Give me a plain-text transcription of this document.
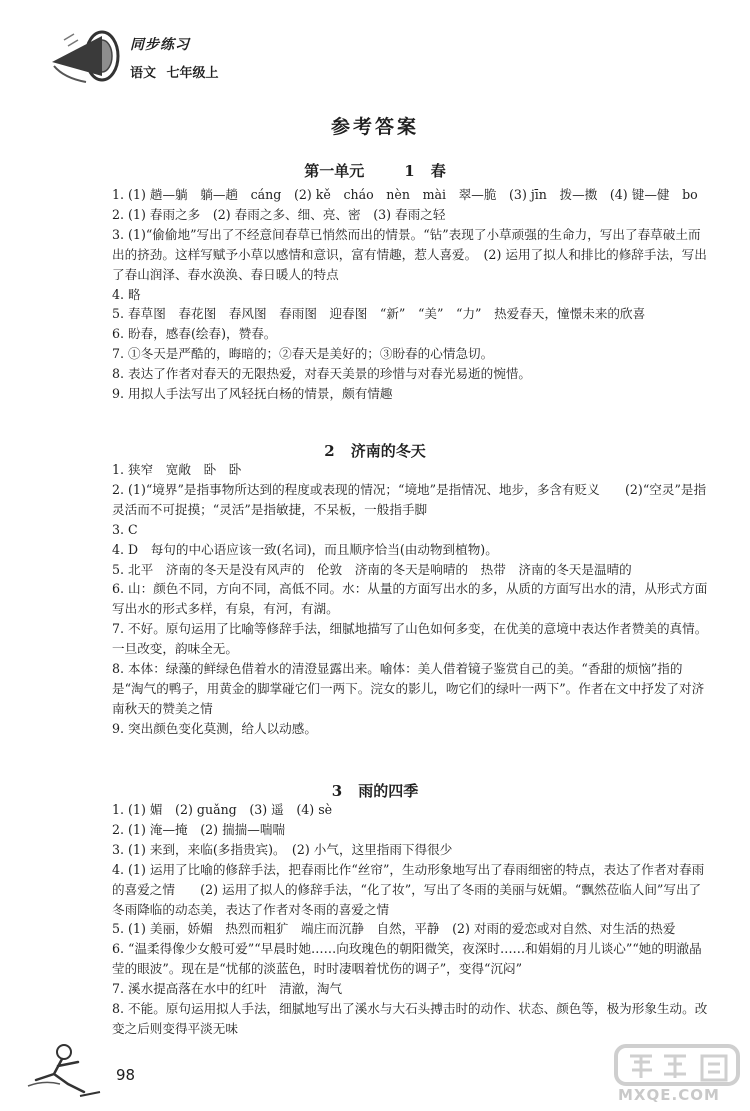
同步练习
语文 七年级上
参考答案
第一单元	1 春
1. (1) 趟—躺　躺—趟　cáng　(2) kě　cháo　nèn　mài　翠—脆　(3) jīn　拨—擞　(4) 键—健　bo
2. (1) 春雨之多　(2) 春雨之多、细、亮、密　(3) 春雨之轻
3. (1)“偷偷地”写出了不经意间春草已悄然而出的情景。“钻”表现了小草顽强的生命力，写出了春草破土而出的挤劲。这样写赋予小草以感情和意识，富有情趣，惹人喜爱。　(2) 运用了拟人和排比的修辞手法，写出了春山润泽、春水涣涣、春日暖人的特点
4. 略
5. 春草图　春花图　春风图　春雨图　迎春图　“新”　“美”　“力”　热爱春天，憧憬未来的欣喜
6. 盼春，感春(绘春)，赞春。
7. ①冬天是严酷的，晦暗的；②春天是美好的；③盼春的心情急切。
8. 表达了作者对春天的无限热爱，对春天美景的珍惜与对春光易逝的惋惜。
9. 用拟人手法写出了风轻抚白杨的情景，颇有情趣
2 济南的冬天
1. 狭窄　宽敞　卧　卧
2. (1)“境界”是指事物所达到的程度或表现的情况；“境地”是指情况、地步，多含有贬义　　(2)“空灵”是指灵活而不可捉摸；“灵活”是指敏捷，不呆板，一般指手脚
3. C
4. D　每句的中心语应该一致(名词)，而且顺序恰当(由动物到植物)。
5. 北平　济南的冬天是没有风声的　伦敦　济南的冬天是响晴的　热带　济南的冬天是温晴的
6. 山：颜色不同，方向不同，高低不同。水：从量的方面写出水的多，从质的方面写出水的清，从形式方面写出水的形式多样，有泉，有河，有湖。
7. 不好。原句运用了比喻等修辞手法，细腻地描写了山色如何多变，在优美的意境中表达作者赞美的真情。一旦改变，韵味全无。
8. 本体：绿藻的鲜绿色借着水的清澄显露出来。喻体：美人借着镜子鉴赏自己的美。“香甜的烦恼”指的是“淘气的鸭子，用黄金的脚掌碰它们一两下。浣女的影儿，吻它们的绿叶一两下”。作者在文中抒发了对济南秋天的赞美之情
9. 突出颜色变化莫测，给人以动感。
3 雨的四季
1. (1) 媚　(2) guǎng　(3) 遥　(4) sè
2. (1) 淹—掩　(2) 揣揣—喘喘
3. (1) 来到，来临(多指贵宾)。　(2) 小气，这里指雨下得很少
4. (1) 运用了比喻的修辞手法，把春雨比作“丝帘”，生动形象地写出了春雨细密的特点，表达了作者对春雨的喜爱之情　　(2) 运用了拟人的修辞手法，“化了妆”，写出了冬雨的美丽与妩媚。“飘然莅临人间”写出了冬雨降临的动态美，表达了作者对冬雨的喜爱之情
5. (1) 美丽，娇媚　热烈而粗犷　端庄而沉静　自然，平静　(2) 对雨的爱恋或对自然、对生活的热爱
6. “温柔得像少女般可爱”“早晨时她……向玫瑰色的朝阳微笑，夜深时……和娟娟的月儿谈心”“她的明澈晶莹的眼波”。现在是“忧郁的淡蓝色，时时凄咽着忧伤的调子”，变得“沉闷”
7. 溪水提高落在水中的红叶　清澈，淘气
8. 不能。原句运用拟人手法，细腻地写出了溪水与大石头搏击时的动作、状态、颜色等，极为形象生动。改变之后则变得平淡无味
98
MXQE.COM
